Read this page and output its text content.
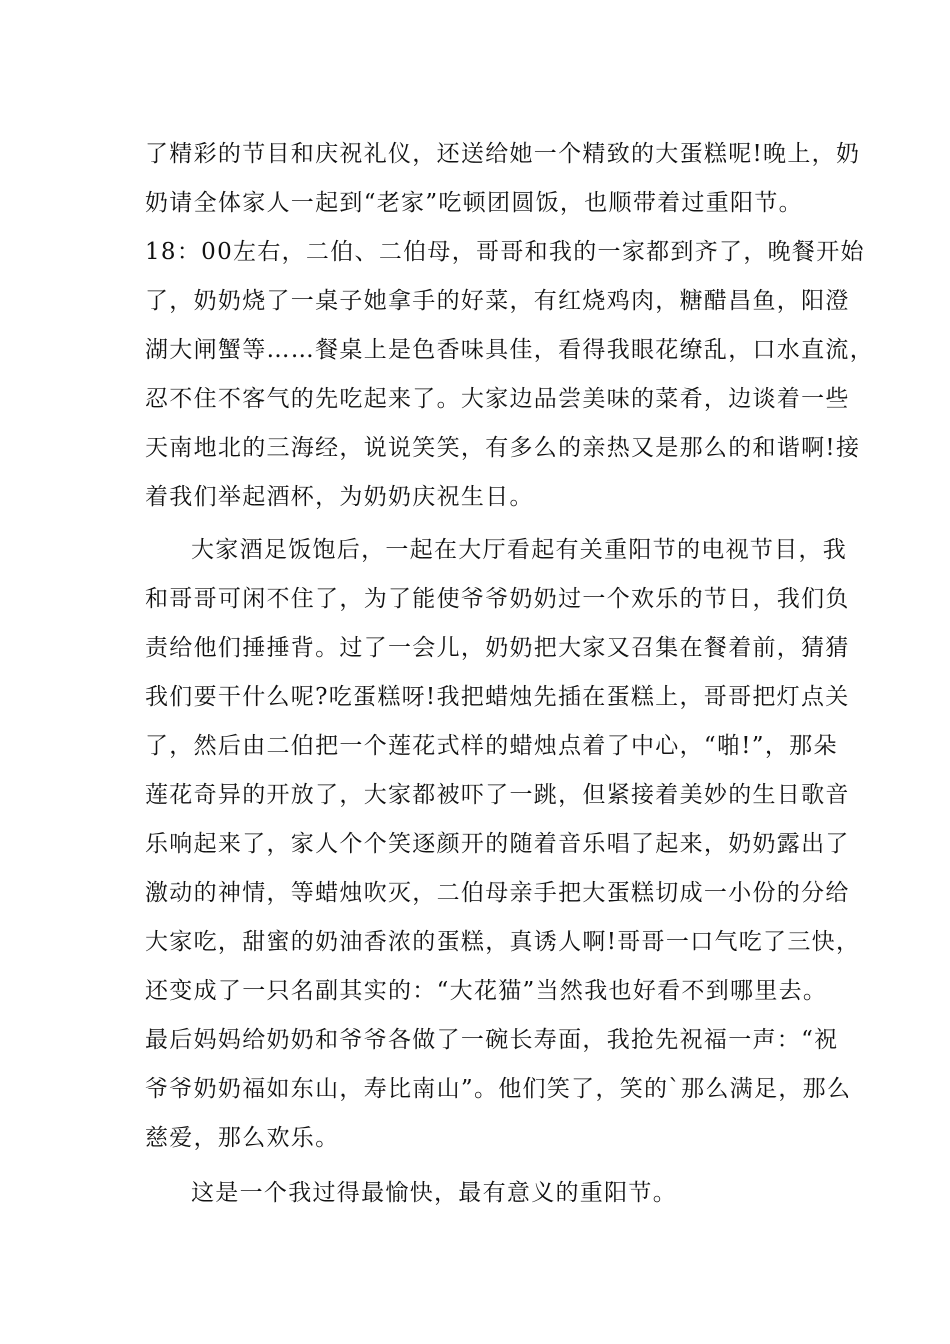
了精彩的节目和庆祝礼仪，还送给她一个精致的大蛋糕呢!晚上，奶
奶请全体家人一起到“老家”吃顿团圆饭，也顺带着过重阳节。
18：00左右，二伯、二伯母，哥哥和我的一家都到齐了，晚餐开始
了，奶奶烧了一桌子她拿手的好菜，有红烧鸡肉，糖醋昌鱼，阳澄
湖大闸蟹等……餐桌上是色香味具佳，看得我眼花缭乱，口水直流，
忍不住不客气的先吃起来了。大家边品尝美味的菜肴，边谈着一些
天南地北的三海经，说说笑笑，有多么的亲热又是那么的和谐啊!接
着我们举起酒杯，为奶奶庆祝生日。
大家酒足饭饱后，一起在大厅看起有关重阳节的电视节目，我
和哥哥可闲不住了，为了能使爷爷奶奶过一个欢乐的节日，我们负
责给他们捶捶背。过了一会儿，奶奶把大家又召集在餐着前，猜猜
我们要干什么呢?吃蛋糕呀!我把蜡烛先插在蛋糕上，哥哥把灯点关
了，然后由二伯把一个莲花式样的蜡烛点着了中心，“啪!”，那朵
莲花奇异的开放了，大家都被吓了一跳，但紧接着美妙的生日歌音
乐响起来了，家人个个笑逐颜开的随着音乐唱了起来，奶奶露出了
激动的神情，等蜡烛吹灭，二伯母亲手把大蛋糕切成一小份的分给
大家吃，甜蜜的奶油香浓的蛋糕，真诱人啊!哥哥一口气吃了三快，
还变成了一只名副其实的：“大花猫”当然我也好看不到哪里去。
最后妈妈给奶奶和爷爷各做了一碗长寿面，我抢先祝福一声：“祝
爷爷奶奶福如东山，寿比南山”。他们笑了，笑的`那么满足，那么
慈爱，那么欢乐。
这是一个我过得最愉快，最有意义的重阳节。
